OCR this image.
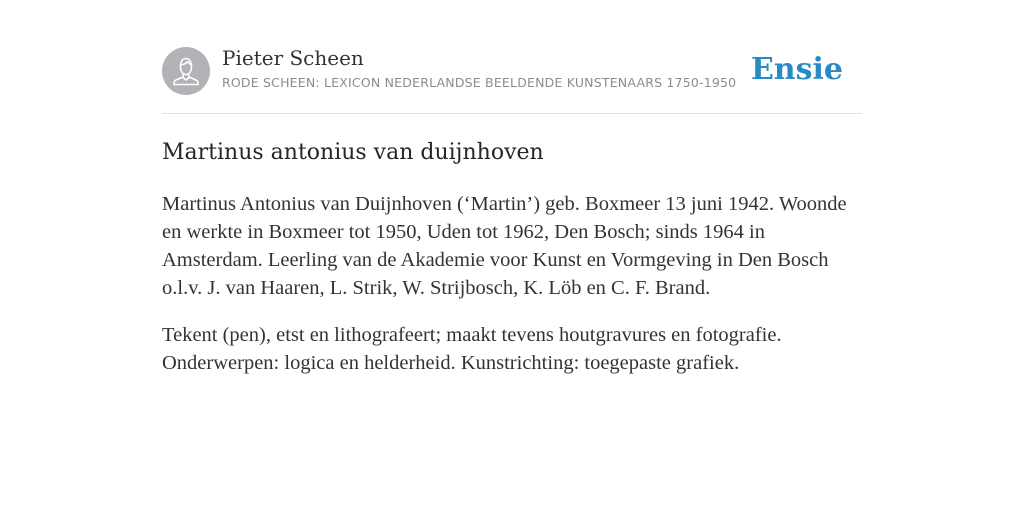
Pieter Scheen
RODE SCHEEN: LEXICON NEDERLANDSE BEELDENDE KUNSTENAARS 1750-1950 Ensie
Martinus antonius van duijnhoven

Martinus Antonius van Duijnhoven (‘Martin’) geb. Boxmeer 13 juni 1942. Woonde en werkte in Boxmeer tot 1950, Uden tot 1962, Den Bosch; sinds 1964 in Amsterdam. Leerling van de Akademie voor Kunst en Vormgeving in Den Bosch o.l.v. J. van Haaren, L. Strik, W. Strijbosch, K. Löb en C. F. Brand.

Tekent (pen), etst en lithografeert; maakt tevens houtgravures en fotografie. Onderwerpen: logica en helderheid. Kunstrichting: toegepaste grafiek.
